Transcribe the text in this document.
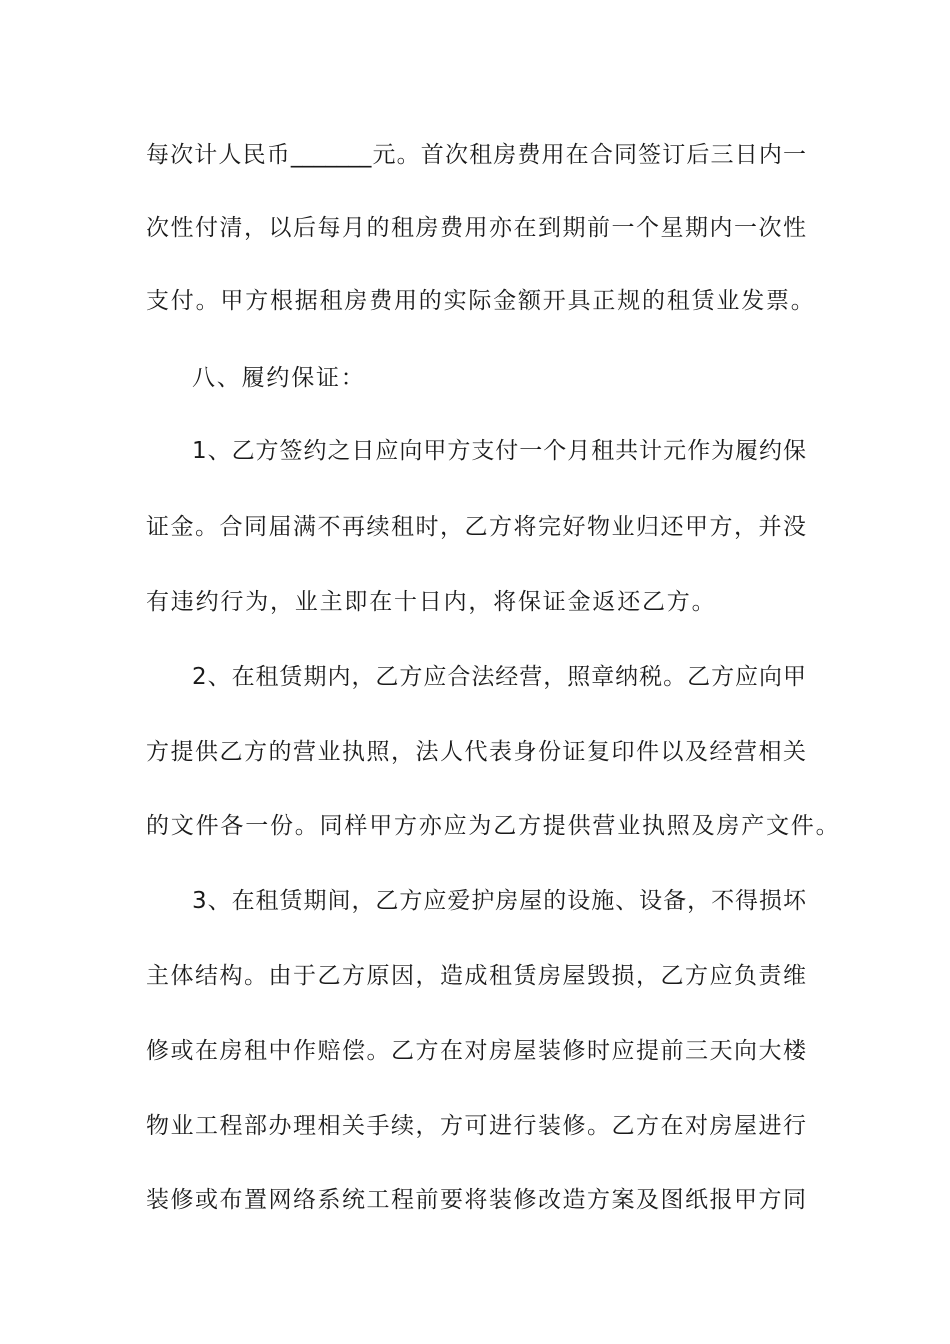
每次计人民币_______元。首次租房费用在合同签订后三日内一
次性付清，以后每月的租房费用亦在到期前一个星期内一次性
支付。甲方根据租房费用的实际金额开具正规的租赁业发票。
八、履约保证：
1、乙方签约之日应向甲方支付一个月租共计元作为履约保
证金。合同届满不再续租时，乙方将完好物业归还甲方，并没
有违约行为，业主即在十日内，将保证金返还乙方。
2、在租赁期内，乙方应合法经营，照章纳税。乙方应向甲
方提供乙方的营业执照，法人代表身份证复印件以及经营相关
的文件各一份。同样甲方亦应为乙方提供营业执照及房产文件。
3、在租赁期间，乙方应爱护房屋的设施、设备，不得损坏
主体结构。由于乙方原因，造成租赁房屋毁损，乙方应负责维
修或在房租中作赔偿。乙方在对房屋装修时应提前三天向大楼
物业工程部办理相关手续，方可进行装修。乙方在对房屋进行
装修或布置网络系统工程前要将装修改造方案及图纸报甲方同
